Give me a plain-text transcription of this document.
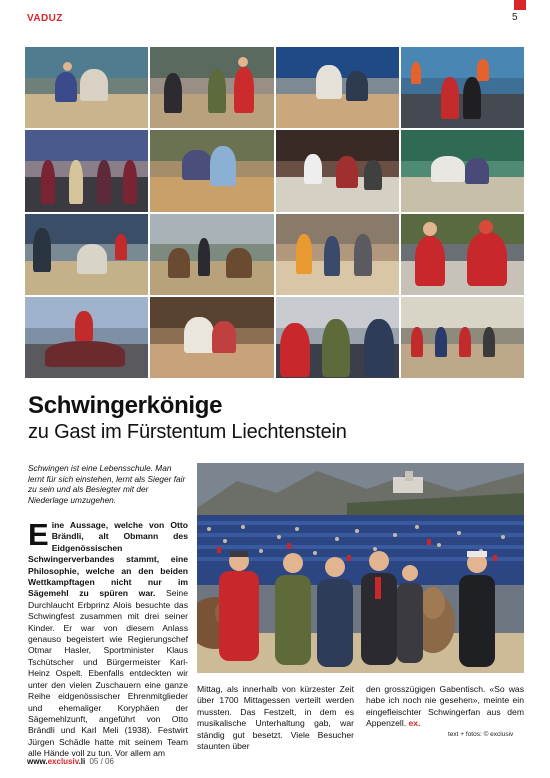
VADUZ	5
Schwingerkönige
zu Gast im Fürstentum Liechtenstein
Schwingen ist eine Lebensschule. Man lernt für sich einstehen, lernt als Sieger fair zu sein und als Besiegter mit der Niederlage umzugehen.
Eine Aussage, welche von Otto Brändli, alt Obmann des Eidgenössischen Schwingerverbandes stammt, eine Philosophie, welche an den beiden Wettkampftagen nicht nur im Sägemehl zu spüren war. Seine Durchlaucht Erbprinz Alois besuchte das Schwingfest zusammen mit drei seiner Kinder. Er war von diesem Anlass genauso begeistert wie Regierungschef Otmar Hasler, Sportminister Klaus Tschütscher und Bürgermeister Karl-Heinz Ospelt. Ebenfalls entdeckten wir unter den vielen Zuschauern eine ganze Reihe eidgenössischer Ehrenmitglieder und ehemaliger Koryphäen der Sägemehlzunft, angeführt von Otto Brändli und Karl Meli (1938). Festwirt Jürgen Schädle hatte mit seinem Team alle Hände voll zu tun. Vor allem am
Mittag, als innerhalb von kürzester Zeit über 1700 Mittagessen verteilt werden mussten. Das Festzelt, in dem es musikalische Unterhaltung gab, war ständig gut besetzt. Viele Besucher staunten über
den grosszügigen Gabentisch. «So was habe ich noch nie gesehen», meinte ein eingefleischter Schwingerfan aus dem Appenzell. ex.
text + fotos: © exclusiv
www.exclusiv.li 05 / 06
